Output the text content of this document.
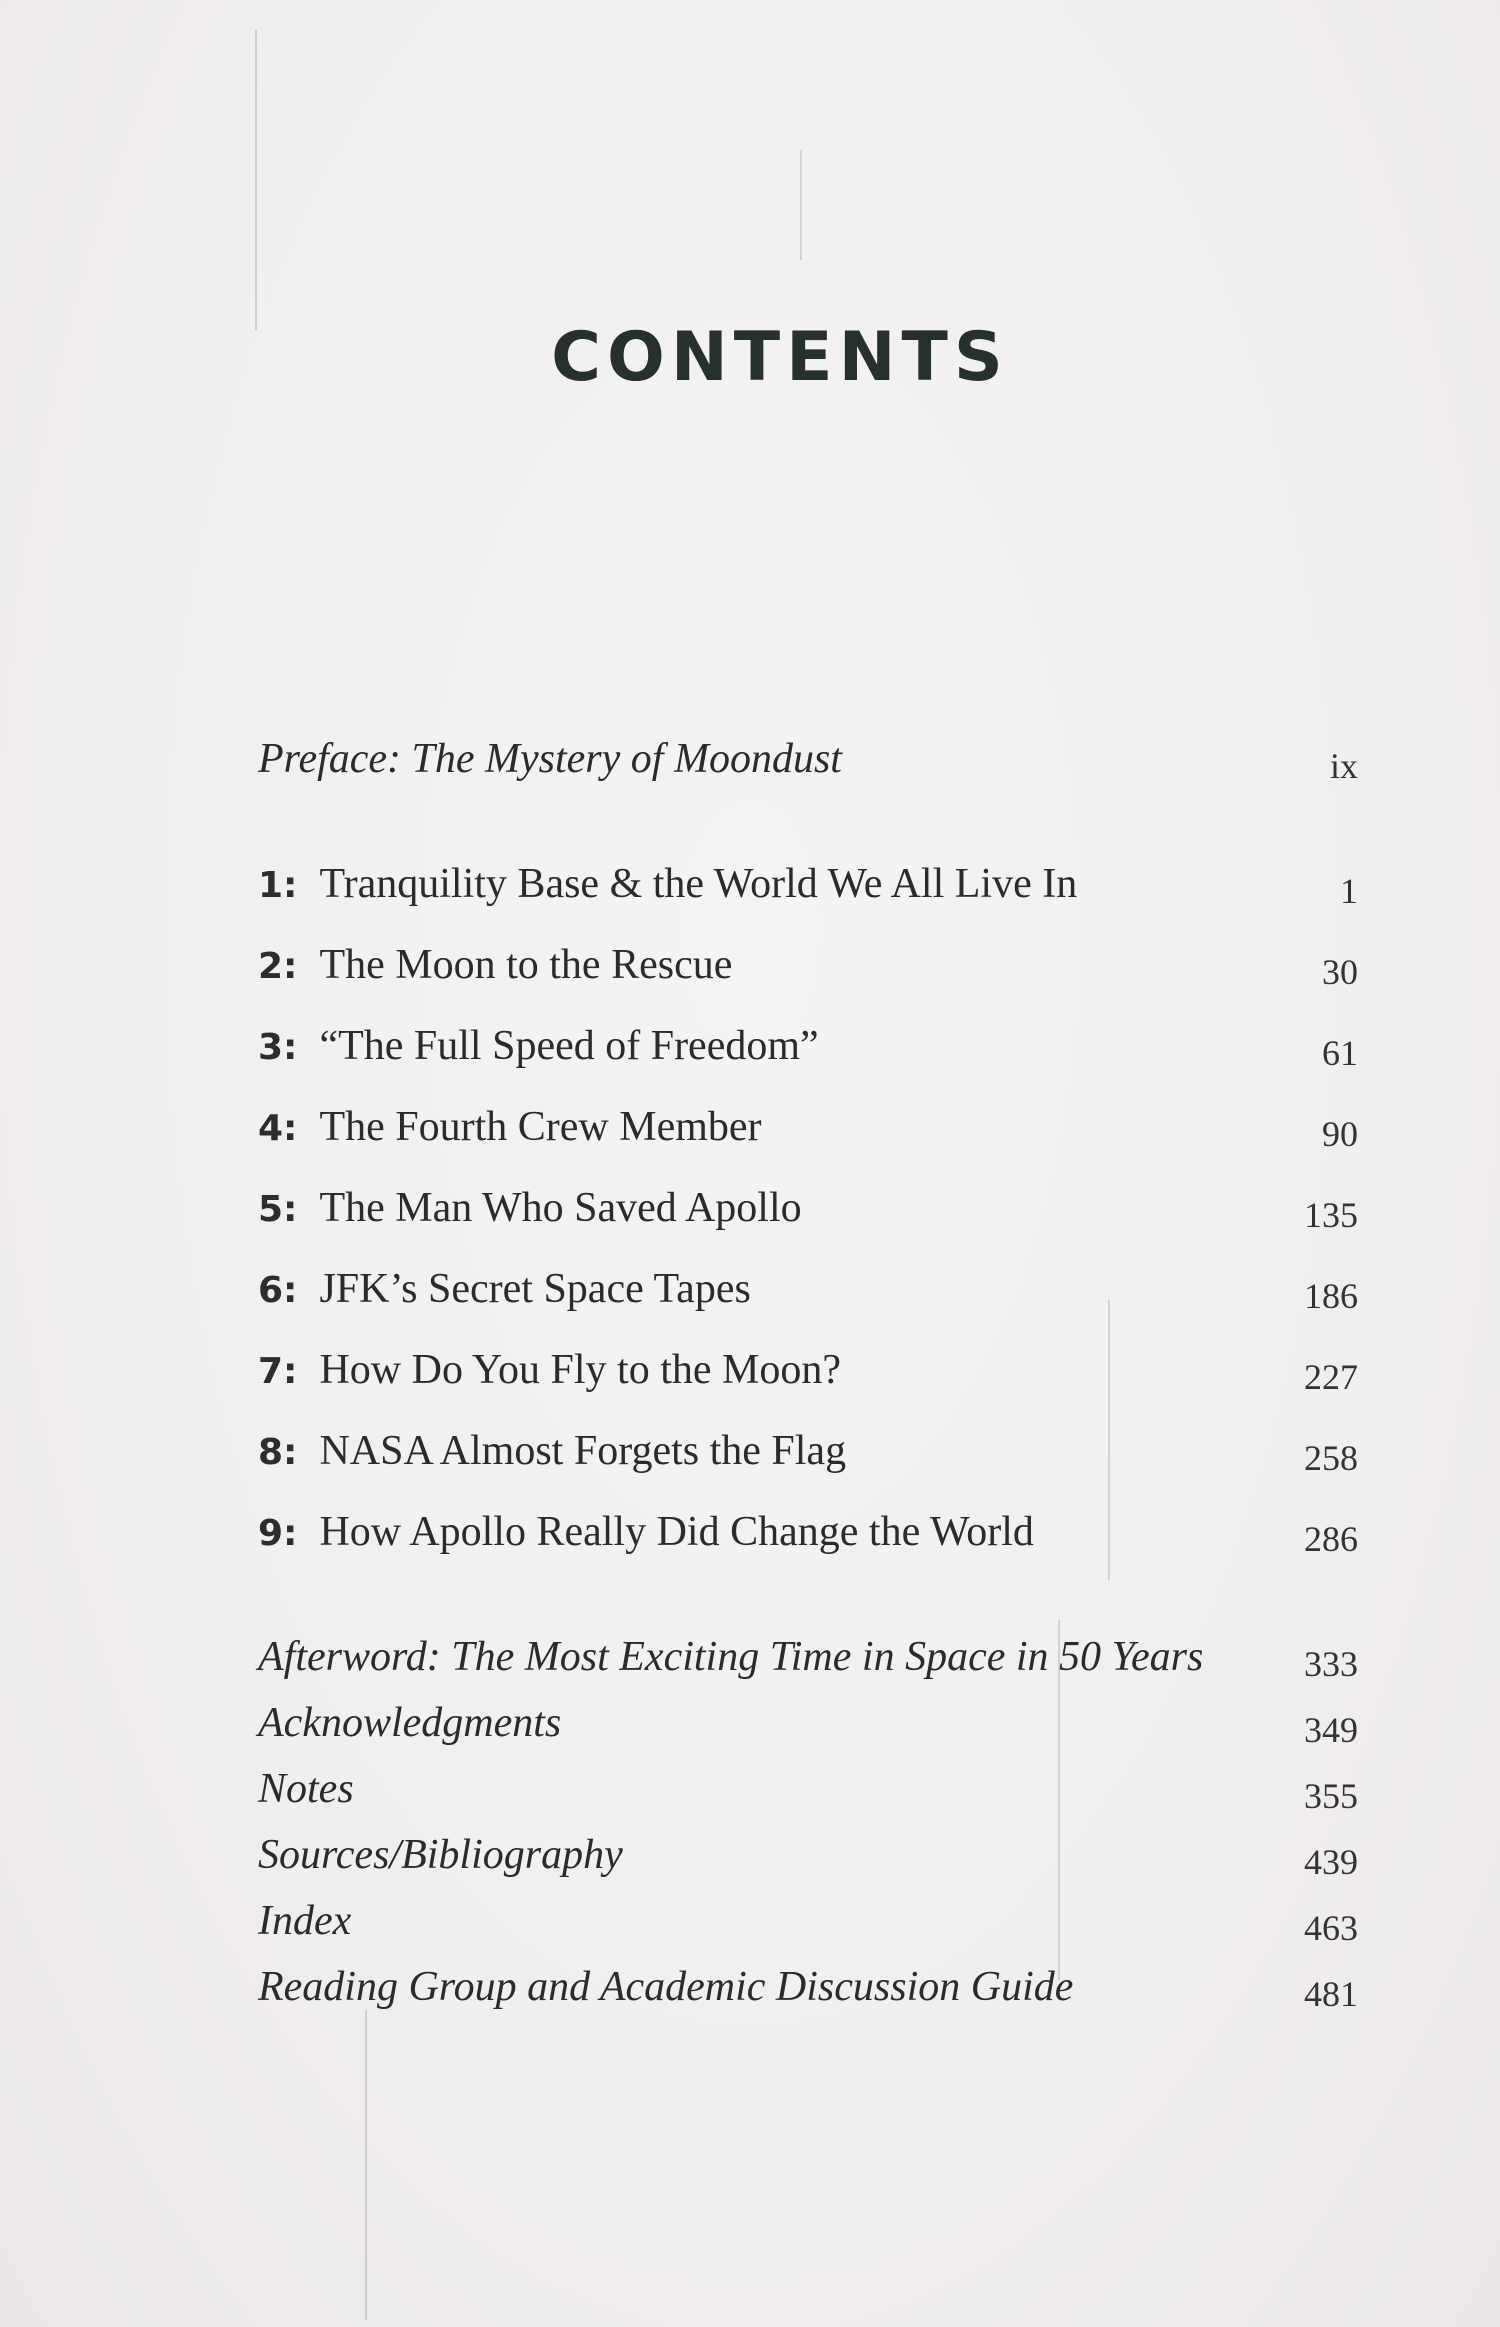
CONTENTS
Preface: The Mystery of Moondust	ix
1: Tranquility Base & the World We All Live In	1
2: The Moon to the Rescue	30
3: “The Full Speed of Freedom”	61
4: The Fourth Crew Member	90
5: The Man Who Saved Apollo	135
6: JFK’s Secret Space Tapes	186
7: How Do You Fly to the Moon?	227
8: NASA Almost Forgets the Flag	258
9: How Apollo Really Did Change the World	286
Afterword: The Most Exciting Time in Space in 50 Years	333
Acknowledgments	349
Notes	355
Sources/Bibliography	439
Index	463
Reading Group and Academic Discussion Guide	481
